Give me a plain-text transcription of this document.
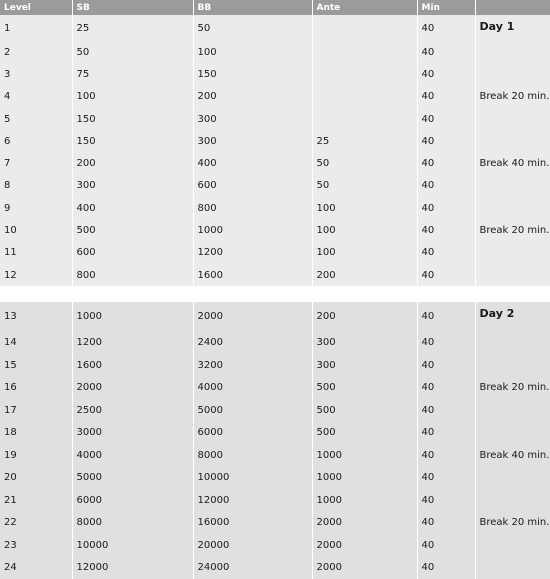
Level	SB	BB	Ante	Min	
1	25	50		40	Day 1
2	50	100		40	
3	75	150		40	
4	100	200		40	Break 20 min.
5	150	300		40	
6	150	300	25	40	
7	200	400	50	40	Break 40 min.
8	300	600	50	40	
9	400	800	100	40	
10	500	1000	100	40	Break 20 min.
11	600	1200	100	40	
12	800	1600	200	40	

13	1000	2000	200	40	Day 2
14	1200	2400	300	40	
15	1600	3200	300	40	
16	2000	4000	500	40	Break 20 min.
17	2500	5000	500	40	
18	3000	6000	500	40	
19	4000	8000	1000	40	Break 40 min.
20	5000	10000	1000	40	
21	6000	12000	1000	40	
22	8000	16000	2000	40	Break 20 min.
23	10000	20000	2000	40	
24	12000	24000	2000	40	
